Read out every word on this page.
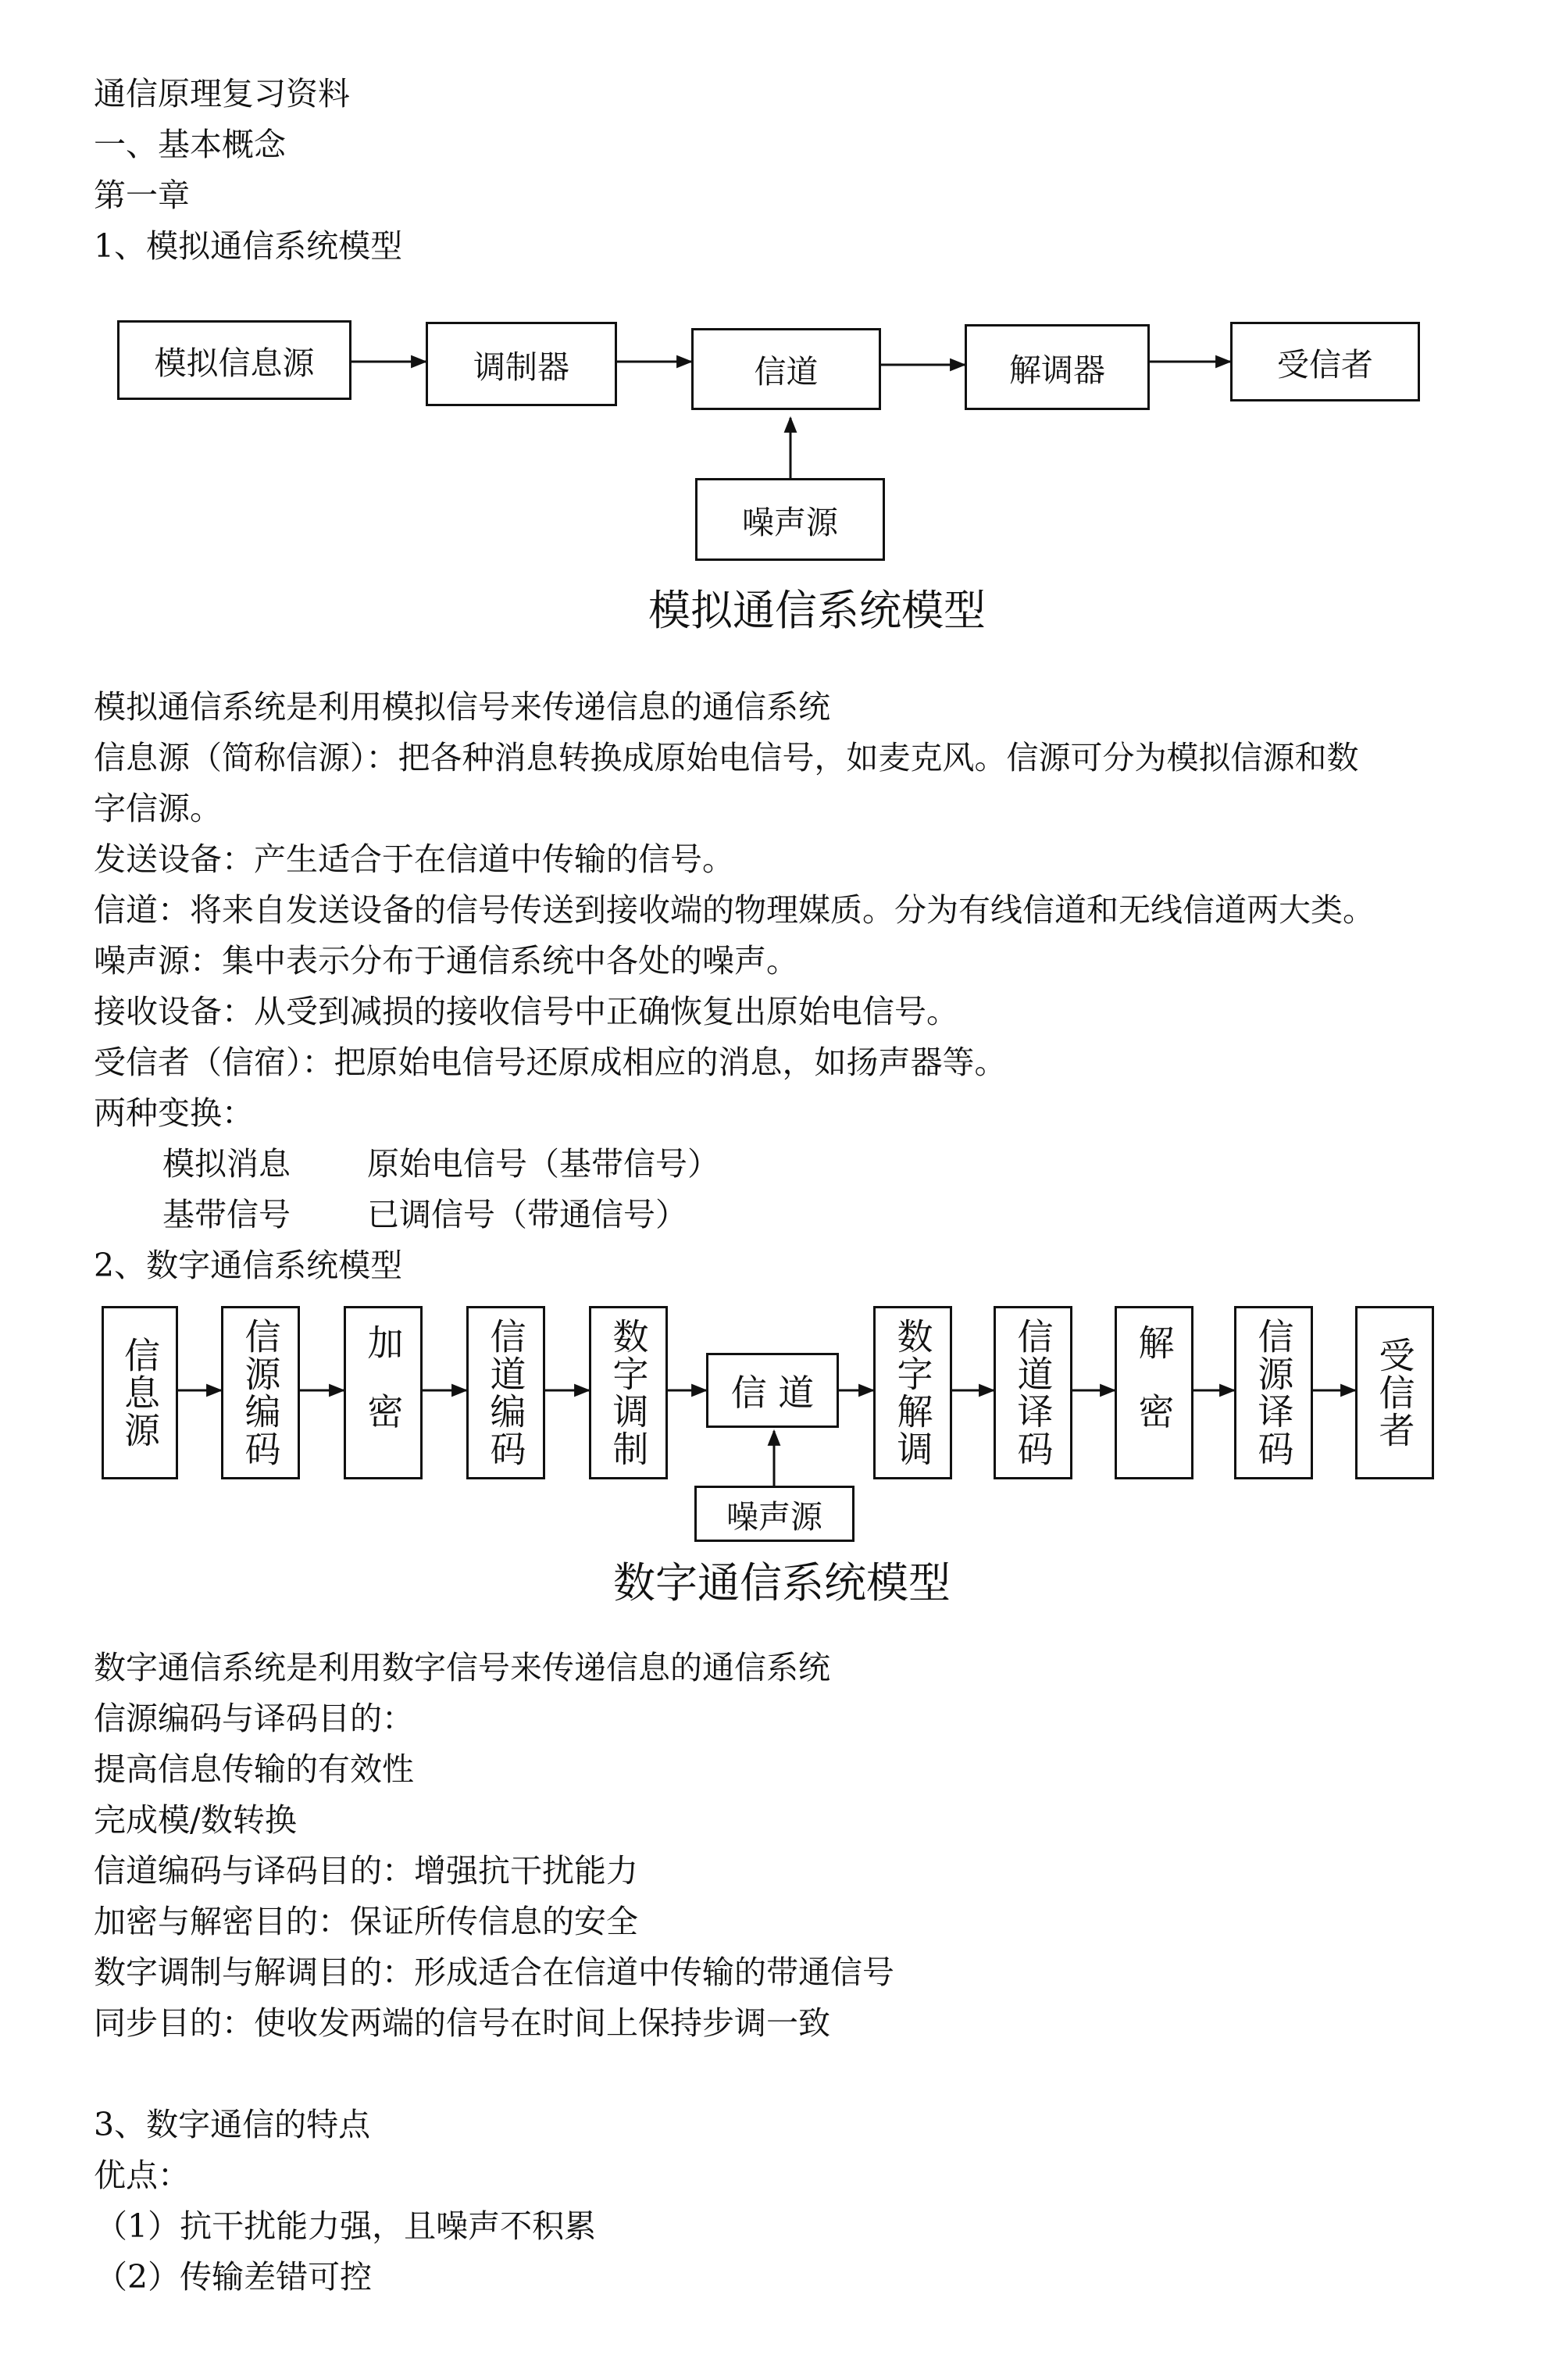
通信原理复习资料
一、基本概念
第一章
1、模拟通信系统模型
模拟信息源	调制器	信道	解调器	受信者
噪声源
模拟通信系统模型
模拟通信系统是利用模拟信号来传递信息的通信系统
信息源（简称信源）：把各种消息转换成原始电信号，如麦克风。信源可分为模拟信源和数
字信源。
发送设备：产生适合于在信道中传输的信号。
信道：将来自发送设备的信号传送到接收端的物理媒质。分为有线信道和无线信道两大类。
噪声源：集中表示分布于通信系统中各处的噪声。
接收设备：从受到减损的接收信号中正确恢复出原始电信号。
受信者（信宿）：把原始电信号还原成相应的消息，如扬声器等。
两种变换：
模拟消息 原始电信号（基带信号）
基带信号 已调信号（带通信号）
2、数字通信系统模型
信息源	信源编码	加密	信道编码	数字调制	信 道	数字解调	信道译码	解密	信源译码	受信者
噪声源
数字通信系统模型
数字通信系统是利用数字信号来传递信息的通信系统
信源编码与译码目的：
提高信息传输的有效性
完成模/数转换
信道编码与译码目的：增强抗干扰能力
加密与解密目的：保证所传信息的安全
数字调制与解调目的：形成适合在信道中传输的带通信号
同步目的：使收发两端的信号在时间上保持步调一致
3、数字通信的特点
优点：
（1）抗干扰能力强，且噪声不积累
（2）传输差错可控
